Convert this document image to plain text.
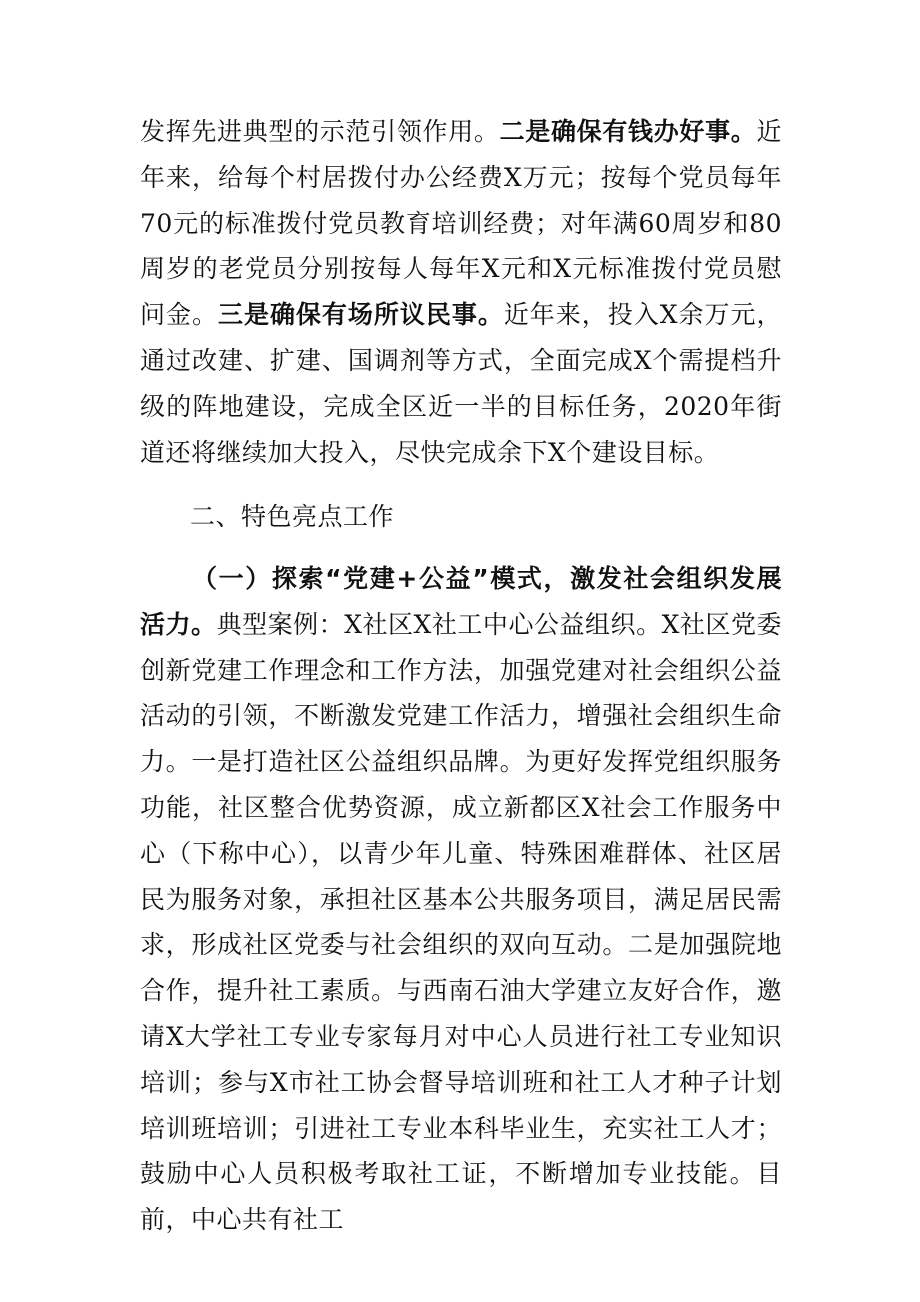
发挥先进典型的示范引领作用。二是确保有钱办好事。近年来，给每个村居拨付办公经费X万元；按每个党员每年70元的标准拨付党员教育培训经费；对年满60周岁和80周岁的老党员分别按每人每年X元和X元标准拨付党员慰问金。三是确保有场所议民事。近年来，投入X余万元，通过改建、扩建、国调剂等方式，全面完成X个需提档升级的阵地建设，完成全区近一半的目标任务，2020年街道还将继续加大投入，尽快完成余下X个建设目标。

二、特色亮点工作

（一）探索“党建+公益”模式，激发社会组织发展活力。典型案例：X社区X社工中心公益组织。X社区党委创新党建工作理念和工作方法，加强党建对社会组织公益活动的引领，不断激发党建工作活力，增强社会组织生命力。一是打造社区公益组织品牌。为更好发挥党组织服务功能，社区整合优势资源，成立新都区X社会工作服务中心（下称中心），以青少年儿童、特殊困难群体、社区居民为服务对象，承担社区基本公共服务项目，满足居民需求，形成社区党委与社会组织的双向互动。二是加强院地合作，提升社工素质。与西南石油大学建立友好合作，邀请X大学社工专业专家每月对中心人员进行社工专业知识培训；参与X市社工协会督导培训班和社工人才种子计划培训班培训；引进社工专业本科毕业生，充实社工人才；鼓励中心人员积极考取社工证，不断增加专业技能。目前，中心共有社工
